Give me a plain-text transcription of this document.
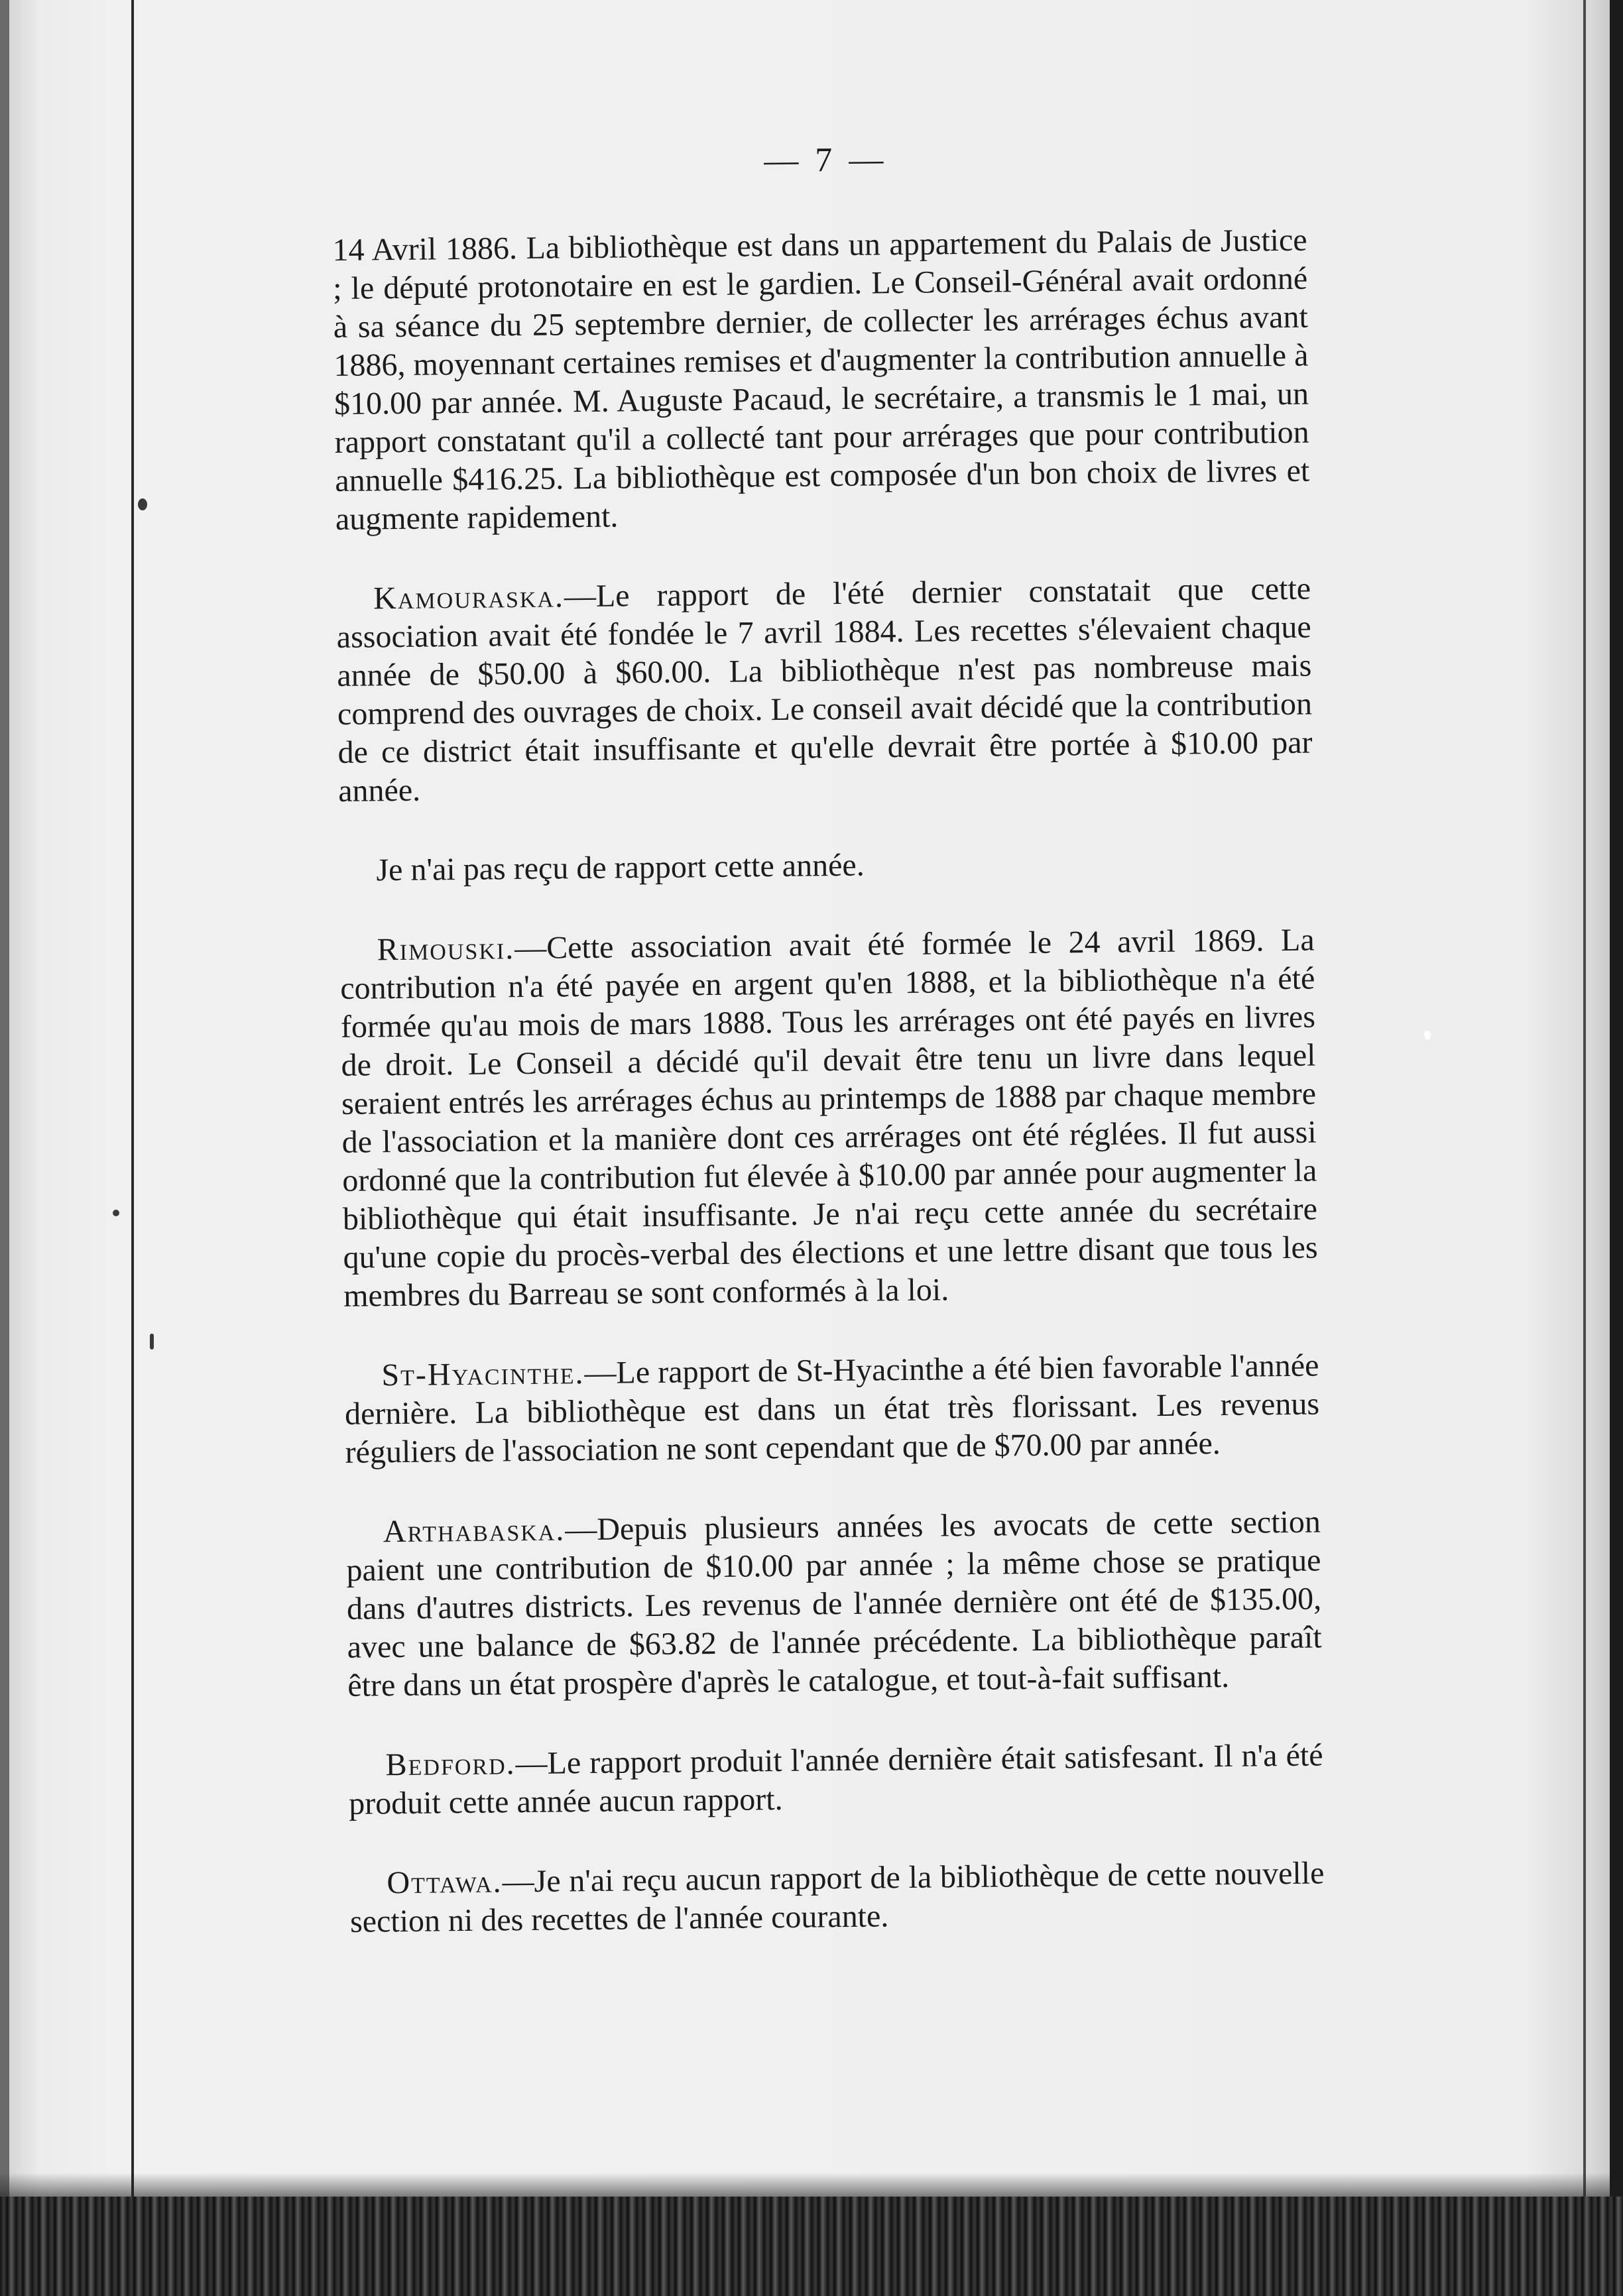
— 7 —

14 Avril 1886. La bibliothèque est dans un appartement du Palais de Justice ; le député protonotaire en est le gardien. Le Conseil-Général avait ordonné à sa séance du 25 septembre dernier, de collecter les arrérages échus avant 1886, moyennant certaines remises et d'augmenter la contribution annuelle à $10.00 par année. M. Auguste Pacaud, le secrétaire, a transmis le 1 mai, un rapport constatant qu'il a collecté tant pour arrérages que pour contribution annuelle $416.25. La bibliothèque est composée d'un bon choix de livres et augmente rapidement.

Kamouraska.—Le rapport de l'été dernier constatait que cette association avait été fondée le 7 avril 1884. Les recettes s'élevaient chaque année de $50.00 à $60.00. La bibliothèque n'est pas nombreuse mais comprend des ouvrages de choix. Le conseil avait décidé que la contribution de ce district était insuffisante et qu'elle devrait être portée à $10.00 par année.

Je n'ai pas reçu de rapport cette année.

Rimouski.—Cette association avait été formée le 24 avril 1869. La contribution n'a été payée en argent qu'en 1888, et la bibliothèque n'a été formée qu'au mois de mars 1888. Tous les arrérages ont été payés en livres de droit. Le Conseil a décidé qu'il devait être tenu un livre dans lequel seraient entrés les arrérages échus au printemps de 1888 par chaque membre de l'association et la manière dont ces arrérages ont été réglées. Il fut aussi ordonné que la contribution fut élevée à $10.00 par année pour augmenter la bibliothèque qui était insuffisante. Je n'ai reçu cette année du secrétaire qu'une copie du procès-verbal des élections et une lettre disant que tous les membres du Barreau se sont conformés à la loi.

St-Hyacinthe.—Le rapport de St-Hyacinthe a été bien favorable l'année dernière. La bibliothèque est dans un état très florissant. Les revenus réguliers de l'association ne sont cependant que de $70.00 par année.

Arthabaska.—Depuis plusieurs années les avocats de cette section paient une contribution de $10.00 par année ; la même chose se pratique dans d'autres districts. Les revenus de l'année dernière ont été de $135.00, avec une balance de $63.82 de l'année précédente. La bibliothèque paraît être dans un état prospère d'après le catalogue, et tout-à-fait suffisant.

Bedford.—Le rapport produit l'année dernière était satisfesant. Il n'a été produit cette année aucun rapport.

Ottawa.—Je n'ai reçu aucun rapport de la bibliothèque de cette nouvelle section ni des recettes de l'année courante.
